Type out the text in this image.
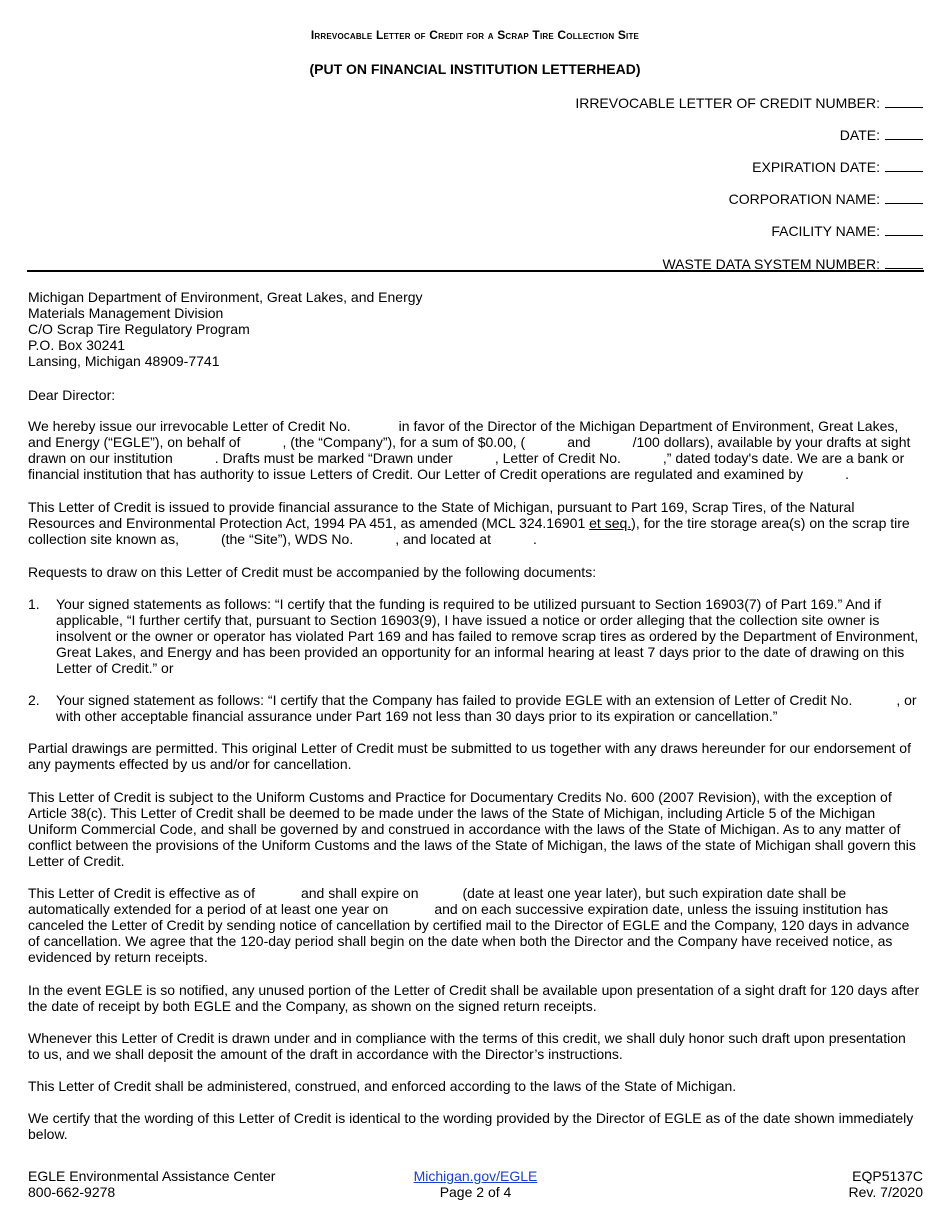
Irrevocable Letter of Credit for a Scrap Tire Collection Site
(PUT ON FINANCIAL INSTITUTION LETTERHEAD)
IRREVOCABLE LETTER OF CREDIT NUMBER:
DATE:
EXPIRATION DATE:
CORPORATION NAME:
FACILITY NAME:
WASTE DATA SYSTEM NUMBER:
Michigan Department of Environment, Great Lakes, and Energy
Materials Management Division
C/O Scrap Tire Regulatory Program
P.O. Box 30241
Lansing, Michigan 48909-7741
Dear Director:

We hereby issue our irrevocable Letter of Credit No.	in favor of the Director of the Michigan Department of Environment, Great Lakes, and Energy (“EGLE”), on behalf of	, (the “Company”), for a sum of $0.00, (	and	/100 dollars), available by your drafts at sight drawn on our institution	. Drafts must be marked “Drawn under	, Letter of Credit No.	,” dated today's date. We are a bank or financial institution that has authority to issue Letters of Credit. Our Letter of Credit operations are regulated and examined by	.

This Letter of Credit is issued to provide financial assurance to the State of Michigan, pursuant to Part 169, Scrap Tires, of the Natural Resources and Environmental Protection Act, 1994 PA 451, as amended (MCL 324.16901 et seq.), for the tire storage area(s) on the scrap tire collection site known as,	(the “Site”), WDS No.	, and located at	.

Requests to draw on this Letter of Credit must be accompanied by the following documents:
1. Your signed statements as follows: “I certify that the funding is required to be utilized pursuant to Section 16903(7) of Part 169.” And if applicable, “I further certify that, pursuant to Section 16903(9), I have issued a notice or order alleging that the collection site owner is insolvent or the owner or operator has violated Part 169 and has failed to remove scrap tires as ordered by the Department of Environment, Great Lakes, and Energy and has been provided an opportunity for an informal hearing at least 7 days prior to the date of drawing on this Letter of Credit.” or
2. Your signed statement as follows: “I certify that the Company has failed to provide EGLE with an extension of Letter of Credit No.	, or with other acceptable financial assurance under Part 169 not less than 30 days prior to its expiration or cancellation.”
Partial drawings are permitted. This original Letter of Credit must be submitted to us together with any draws hereunder for our endorsement of any payments effected by us and/or for cancellation.
This Letter of Credit is subject to the Uniform Customs and Practice for Documentary Credits No. 600 (2007 Revision), with the exception of Article 38(c). This Letter of Credit shall be deemed to be made under the laws of the State of Michigan, including Article 5 of the Michigan Uniform Commercial Code, and shall be governed by and construed in accordance with the laws of the State of Michigan. As to any matter of conflict between the provisions of the Uniform Customs and the laws of the State of Michigan, the laws of the state of Michigan shall govern this Letter of Credit.

This Letter of Credit is effective as of	and shall expire on	(date at least one year later), but such expiration date shall be automatically extended for a period of at least one year on	and on each successive expiration date, unless the issuing institution has canceled the Letter of Credit by sending notice of cancellation by certified mail to the Director of EGLE and the Company, 120 days in advance of cancellation. We agree that the 120-day period shall begin on the date when both the Director and the Company have received notice, as evidenced by return receipts.

In the event EGLE is so notified, any unused portion of the Letter of Credit shall be available upon presentation of a sight draft for 120 days after the date of receipt by both EGLE and the Company, as shown on the signed return receipts.
Whenever this Letter of Credit is drawn under and in compliance with the terms of this credit, we shall duly honor such draft upon presentation to us, and we shall deposit the amount of the draft in accordance with the Director’s instructions.
This Letter of Credit shall be administered, construed, and enforced according to the laws of the State of Michigan.
We certify that the wording of this Letter of Credit is identical to the wording provided by the Director of EGLE as of the date shown immediately below.
EGLE Environmental Assistance Center
800-662-9278
Michigan.gov/EGLE
Page 2 of 4
EQP5137C
Rev. 7/2020
